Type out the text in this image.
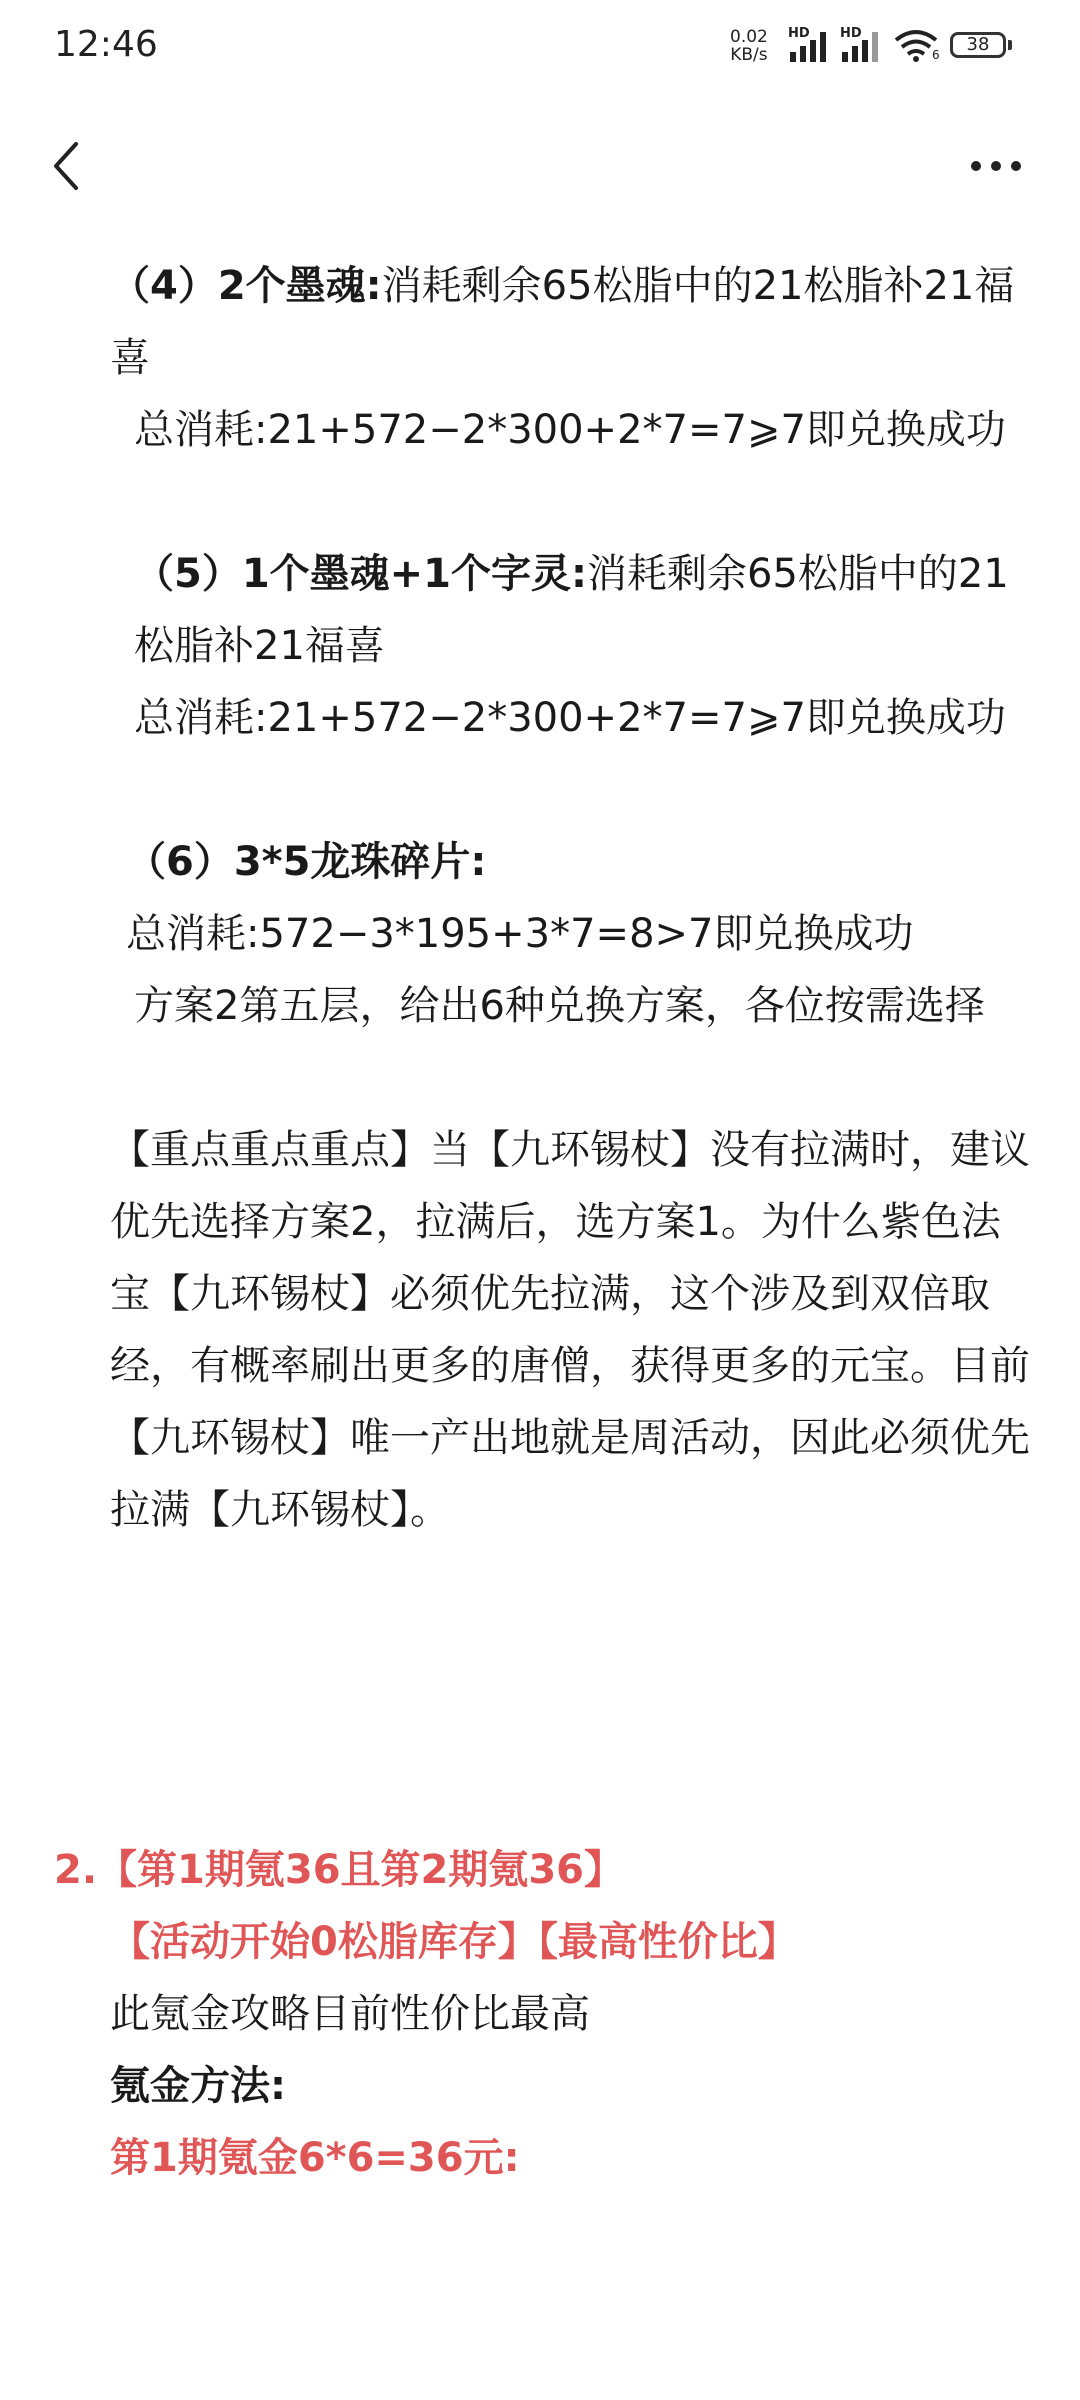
12:46	0.02
KB/s
HD HD
6	38

（4）2个墨魂:消耗剩余65松脂中的21松脂补21福喜

总消耗:21+572−2*300+2*7=7⩾7即兑换成功

（5）1个墨魂+1个字灵:消耗剩余65松脂中的21松脂补21福喜

总消耗:21+572−2*300+2*7=7⩾7即兑换成功

（6）3*5龙珠碎片:

总消耗:572−3*195+3*7=8>7即兑换成功

方案2第五层，给出6种兑换方案，各位按需选择

【重点重点重点】当【九环锡杖】没有拉满时，建议优先选择方案2，拉满后，选方案1。为什么紫色法宝【九环锡杖】必须优先拉满，这个涉及到双倍取经，有概率刷出更多的唐僧，获得更多的元宝。目前【九环锡杖】唯一产出地就是周活动，因此必须优先拉满【九环锡杖】。

2.【第1期氪36且第2期氪36】

【活动开始0松脂库存】【最高性价比】

此氪金攻略目前性价比最高

氪金方法:

第1期氪金6*6=36元:
